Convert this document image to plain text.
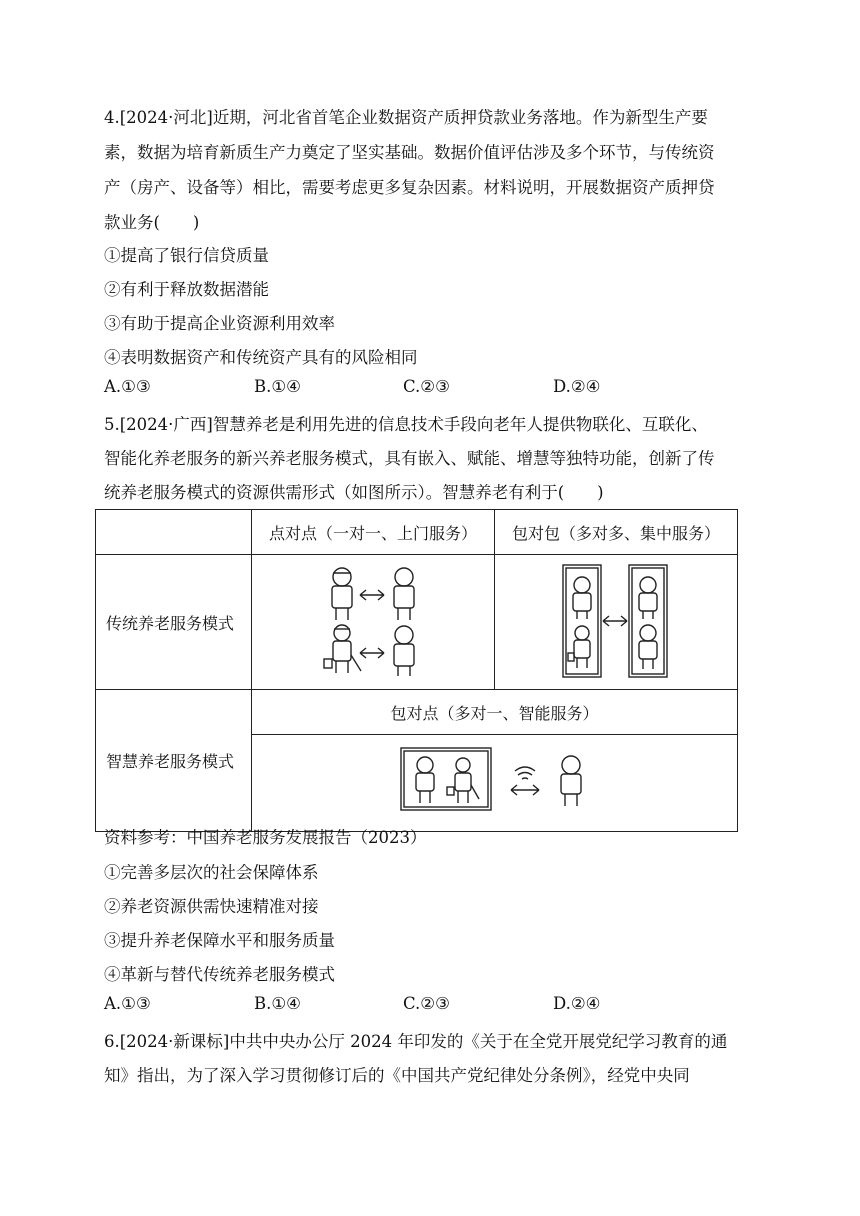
4.[2024·河北]近期，河北省首笔企业数据资产质押贷款业务落地。作为新型生产要
素，数据为培育新质生产力奠定了坚实基础。数据价值评估涉及多个环节，与传统资
产（房产、设备等）相比，需要考虑更多复杂因素。材料说明，开展数据资产质押贷
款业务(　　)
①提高了银行信贷质量
②有利于释放数据潜能
③有助于提高企业资源利用效率
④表明数据资产和传统资产具有的风险相同
A.①③	B.①④	C.②③	D.②④
5.[2024·广西]智慧养老是利用先进的信息技术手段向老年人提供物联化、互联化、
智能化养老服务的新兴养老服务模式，具有嵌入、赋能、增慧等独特功能，创新了传
统养老服务模式的资源供需形式（如图所示）。智慧养老有利于(　　)
	点对点（一对一、上门服务）	包对包（多对多、集中服务）
传统养老服务模式		
智慧养老服务模式	包对点（多对一、智能服务）	

资料参考：中国养老服务发展报告（2023）
①完善多层次的社会保障体系
②养老资源供需快速精准对接
③提升养老保障水平和服务质量
④革新与替代传统养老服务模式
A.①③	B.①④	C.②③	D.②④
6.[2024·新课标]中共中央办公厅 2024 年印发的《关于在全党开展党纪学习教育的通
知》指出，为了深入学习贯彻修订后的《中国共产党纪律处分条例》，经党中央同
